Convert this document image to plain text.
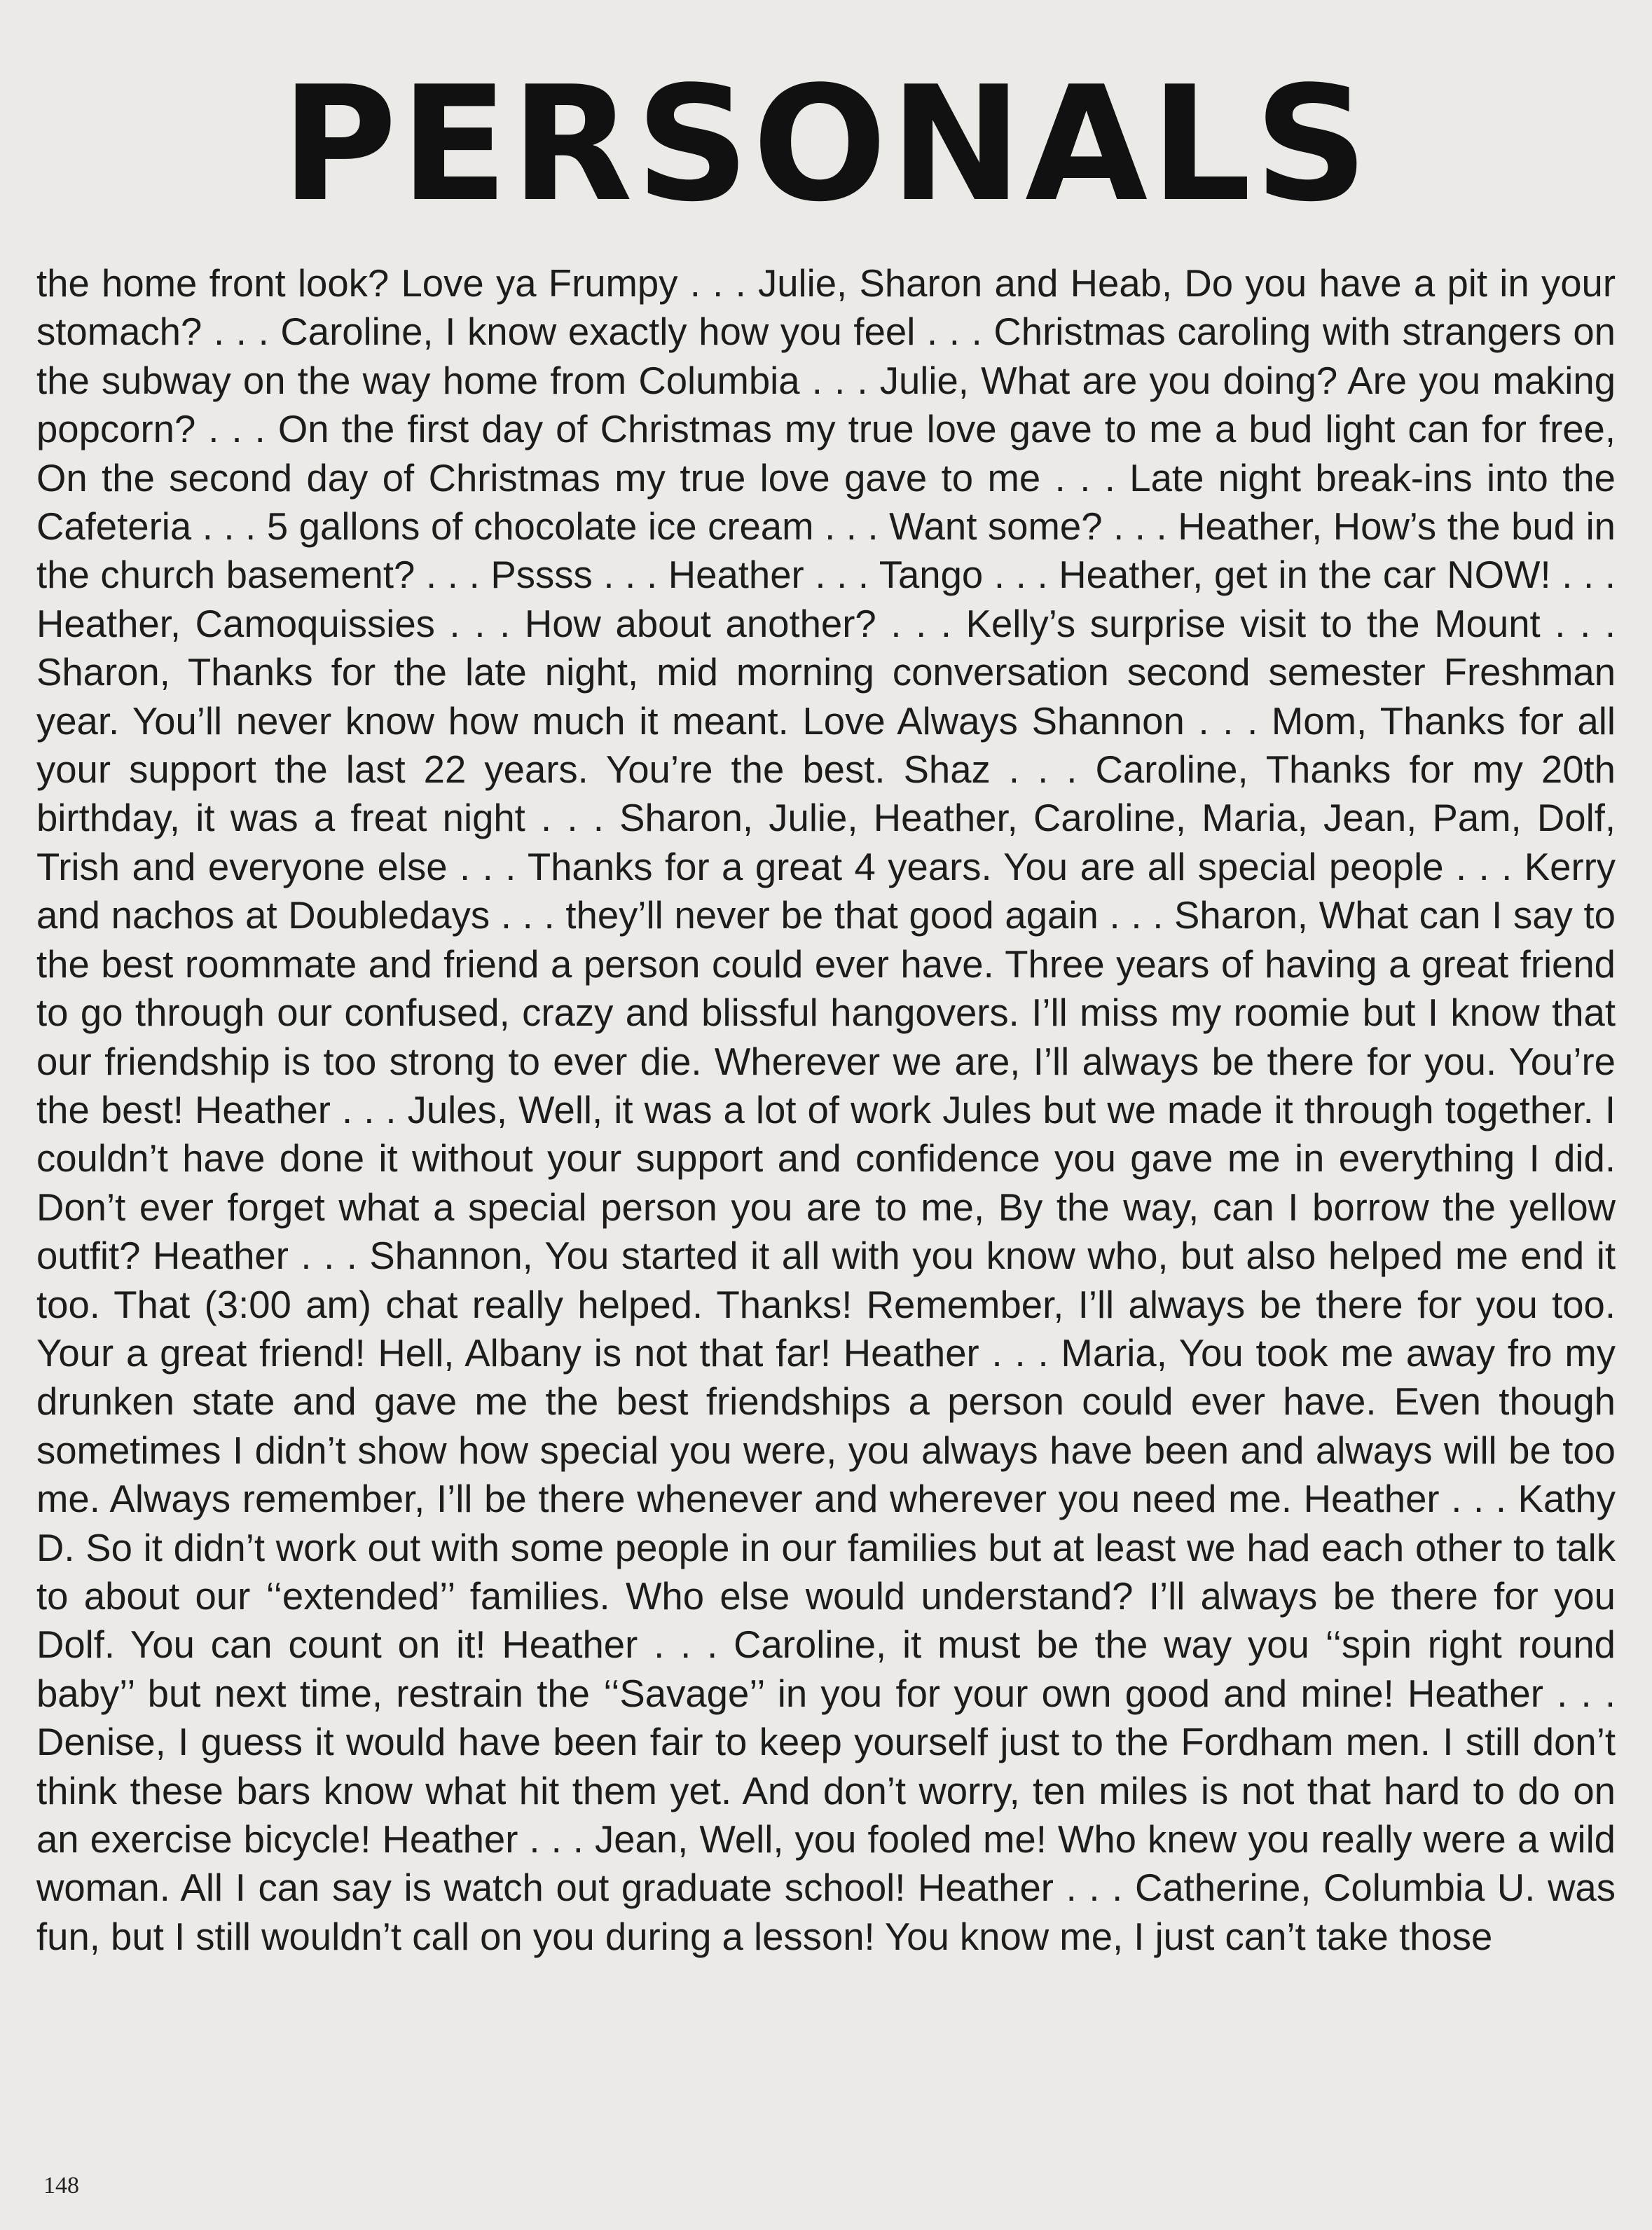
PERSONALS

the home front look? Love ya Frumpy . . . Julie, Sharon and Heab, Do you have a pit in your stomach? . . . Caroline, I know exactly how you feel . . . Christmas caroling with strangers on the subway on the way home from Columbia . . . Julie, What are you doing? Are you making popcorn? . . . On the first day of Christmas my true love gave to me a bud light can for free, On the second day of Christmas my true love gave to me . . . Late night break-ins into the Cafeteria . . . 5 gallons of chocolate ice cream . . . Want some? . . . Heather, How’s the bud in the church basement? . . . Pssss . . . Heather . . . Tango . . . Heather, get in the car NOW! . . . Heather, Camoquissies . . . How about another? . . . Kelly’s surprise visit to the Mount . . . Sharon, Thanks for the late night, mid morning conversation second semester Freshman year. You’ll never know how much it meant. Love Always Shannon . . . Mom, Thanks for all your support the last 22 years. You’re the best. Shaz . . . Caroline, Thanks for my 20th birthday, it was a freat night . . . Sharon, Julie, Heather, Caroline, Maria, Jean, Pam, Dolf, Trish and everyone else . . . Thanks for a great 4 years. You are all special people . . . Kerry and nachos at Doubledays . . . they’ll never be that good again . . . Sharon, What can I say to the best roommate and friend a person could ever have. Three years of having a great friend to go through our confused, crazy and blissful hangovers. I’ll miss my roomie but I know that our friendship is too strong to ever die. Wherever we are, I’ll always be there for you. You’re the best! Heather . . . Jules, Well, it was a lot of work Jules but we made it through together. I couldn’t have done it without your support and confidence you gave me in everything I did. Don’t ever forget what a special person you are to me, By the way, can I borrow the yellow outfit? Heather . . . Shannon, You started it all with you know who, but also helped me end it too. That (3:00 am) chat really helped. Thanks! Remember, I’ll always be there for you too. Your a great friend! Hell, Albany is not that far! Heather . . . Maria, You took me away fro my drunken state and gave me the best friendships a person could ever have. Even though sometimes I didn’t show how special you were, you always have been and always will be too me. Always remember, I’ll be there whenever and wherever you need me. Heather . . . Kathy D. So it didn’t work out with some people in our families but at least we had each other to talk to about our ‘‘extended’’ families. Who else would understand? I’ll always be there for you Dolf. You can count on it! Heather . . . Caroline, it must be the way you ‘‘spin right round baby’’ but next time, restrain the ‘‘Savage’’ in you for your own good and mine! Heather . . . Denise, I guess it would have been fair to keep yourself just to the Fordham men. I still don’t think these bars know what hit them yet. And don’t worry, ten miles is not that hard to do on an exercise bicycle! Heather . . . Jean, Well, you fooled me! Who knew you really were a wild woman. All I can say is watch out graduate school! Heather . . . Catherine, Columbia U. was fun, but I still wouldn’t call on you during a lesson! You know me, I just can’t take those

148
